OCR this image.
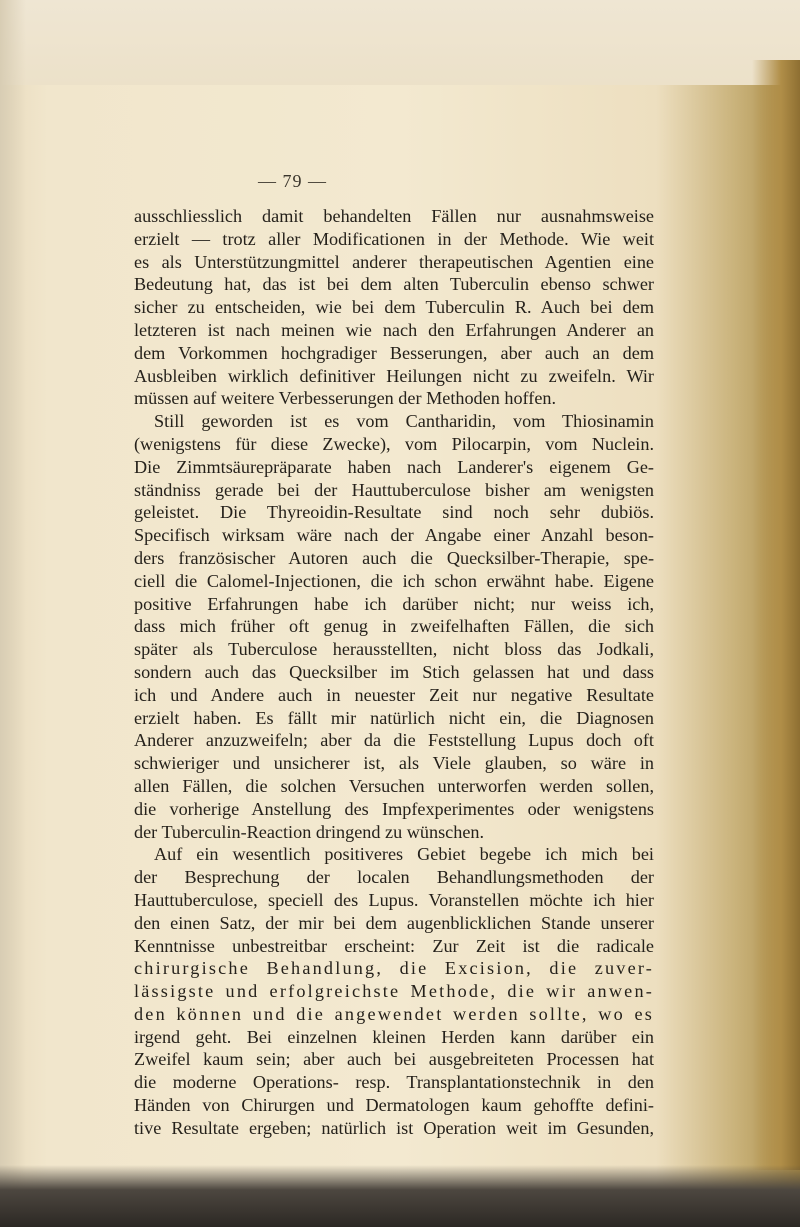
— 79 —

ausschliesslich damit behandelten Fällen nur ausnahmsweise

erzielt — trotz aller Modificationen in der Methode. Wie weit

es als Unterstützungmittel anderer therapeutischen Agentien eine

Bedeutung hat, das ist bei dem alten Tuberculin ebenso schwer

sicher zu entscheiden, wie bei dem Tuberculin R. Auch bei dem

letzteren ist nach meinen wie nach den Erfahrungen Anderer an

dem Vorkommen hochgradiger Besserungen, aber auch an dem

Ausbleiben wirklich definitiver Heilungen nicht zu zweifeln. Wir

müssen auf weitere Verbesserungen der Methoden hoffen.

Still geworden ist es vom Cantharidin, vom Thiosinamin

(wenigstens für diese Zwecke), vom Pilocarpin, vom Nuclein.

Die Zimmtsäurepräparate haben nach Landerer's eigenem Ge-

ständniss gerade bei der Hauttuberculose bisher am wenigsten

geleistet. Die Thyreoidin-Resultate sind noch sehr dubiös.

Specifisch wirksam wäre nach der Angabe einer Anzahl beson-

ders französischer Autoren auch die Quecksilber-Therapie, spe-

ciell die Calomel-Injectionen, die ich schon erwähnt habe. Eigene

positive Erfahrungen habe ich darüber nicht; nur weiss ich,

dass mich früher oft genug in zweifelhaften Fällen, die sich

später als Tuberculose herausstellten, nicht bloss das Jodkali,

sondern auch das Quecksilber im Stich gelassen hat und dass

ich und Andere auch in neuester Zeit nur negative Resultate

erzielt haben. Es fällt mir natürlich nicht ein, die Diagnosen

Anderer anzuzweifeln; aber da die Feststellung Lupus doch oft

schwieriger und unsicherer ist, als Viele glauben, so wäre in

allen Fällen, die solchen Versuchen unterworfen werden sollen,

die vorherige Anstellung des Impfexperimentes oder wenigstens

der Tuberculin-Reaction dringend zu wünschen.

Auf ein wesentlich positiveres Gebiet begebe ich mich bei

der Besprechung der localen Behandlungsmethoden der

Hauttuberculose, speciell des Lupus. Voranstellen möchte ich hier

den einen Satz, der mir bei dem augenblicklichen Stande unserer

Kenntnisse unbestreitbar erscheint: Zur Zeit ist die radicale

chirurgische Behandlung, die Excision, die zuver-

lässigste und erfolgreichste Methode, die wir anwen-

den können und die angewendet werden sollte, wo es

irgend geht. Bei einzelnen kleinen Herden kann darüber ein

Zweifel kaum sein; aber auch bei ausgebreiteten Processen hat

die moderne Operations- resp. Transplantationstechnik in den

Händen von Chirurgen und Dermatologen kaum gehoffte defini-

tive Resultate ergeben; natürlich ist Operation weit im Gesunden,
